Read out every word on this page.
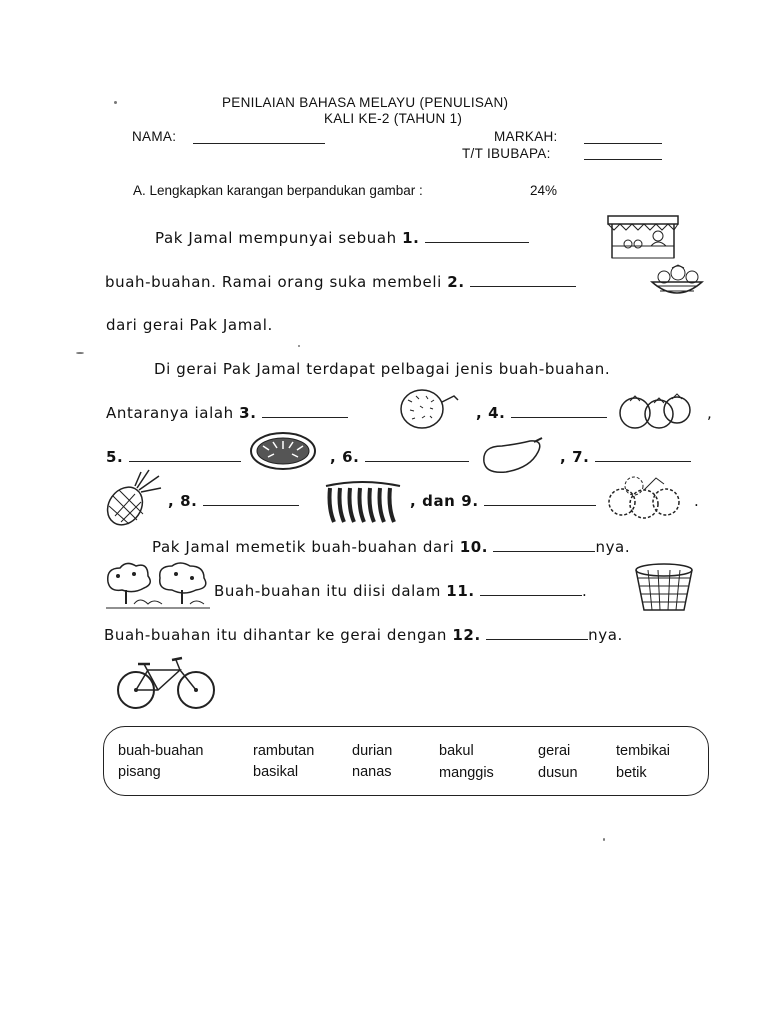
PENILAIAN BAHASA MELAYU (PENULISAN)
KALI KE-2 (TAHUN 1)
NAMA:	MARKAH:
T/T IBUBAPA:
A. Lengkapkan karangan berpandukan gambar :	24%
Pak Jamal mempunyai sebuah 1.
buah-buahan. Ramai orang suka membeli 2.
dari gerai Pak Jamal.
Di gerai Pak Jamal terdapat pelbagai jenis buah-buahan.
Antaranya ialah 3.	, 4.	,
5.	, 6.	, 7.
, 8.	, dan 9.	.
Pak Jamal memetik buah-buahan dari 10.	nya.
Buah-buahan itu diisi dalam 11.	.
Buah-buahan itu dihantar ke gerai dengan 12.	nya.
buah-buahan	rambutan	durian	bakul	gerai	tembikai
pisang	basikal	nanas	manggis	dusun	betik
